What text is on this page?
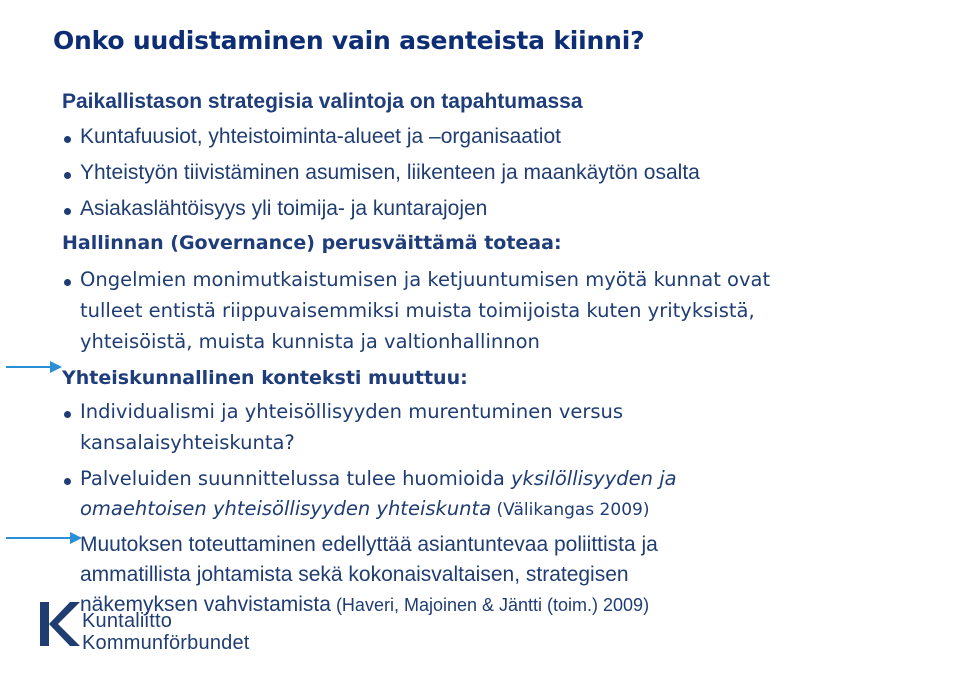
Onko uudistaminen vain asenteista kiinni?
Paikallistason strategisia valintoja on tapahtumassa
Kuntafuusiot, yhteistoiminta-alueet ja –organisaatiot
Yhteistyön tiivistäminen asumisen, liikenteen ja maankäytön osalta
Asiakaslähtöisyys yli toimija- ja kuntarajojen
Hallinnan (Governance) perusväittämä toteaa:
Ongelmien monimutkaistumisen ja ketjuuntumisen myötä kunnat ovat
tulleet entistä riippuvaisemmiksi muista toimijoista kuten yrityksistä,
yhteisöistä, muista kunnista ja valtionhallinnon
Yhteiskunnallinen konteksti muuttuu:
Individualismi ja yhteisöllisyyden murentuminen versus
kansalaisyhteiskunta?
Palveluiden suunnittelussa tulee huomioida yksilöllisyyden ja
omaehtoisen yhteisöllisyyden yhteiskunta (Välikangas 2009)
Muutoksen toteuttaminen edellyttää asiantuntevaa poliittista ja
ammatillista johtamista sekä kokonaisvaltaisen, strategisen
näkemyksen vahvistamista (Haveri, Majoinen & Jäntti (toim.) 2009)
Kuntaliitto
Kommunförbundet
